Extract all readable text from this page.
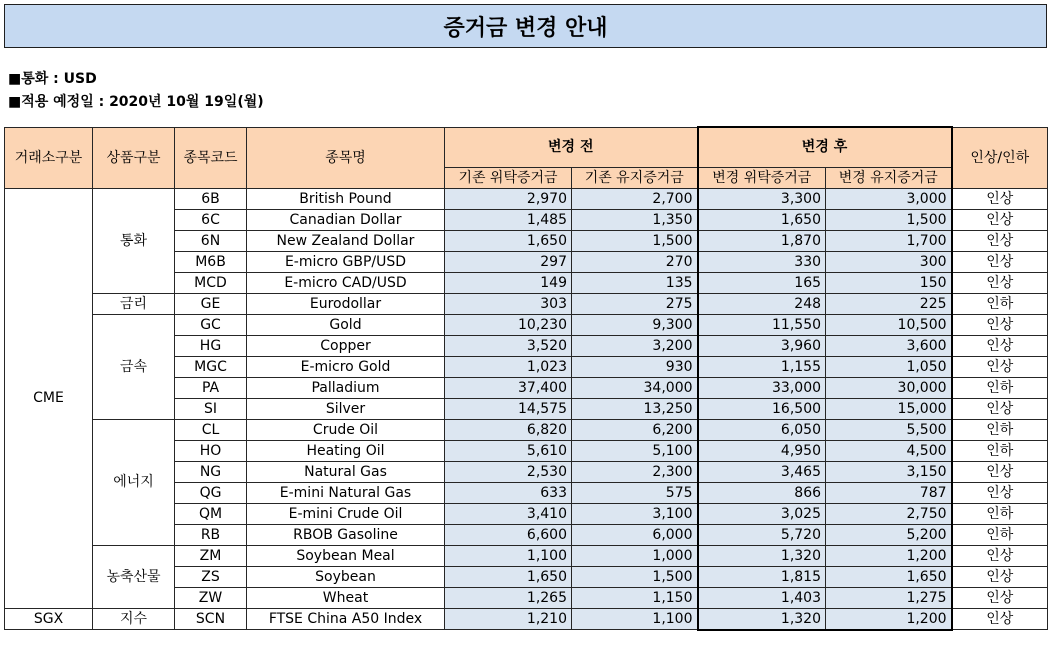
증거금 변경 안내
■통화 : USD
■적용 예정일 : 2020년 10월 19일(월)
거래소구분	상품구분	종목코드	종목명	변경 전		변경 후		인상/인하
				기존 위탁증거금	기존 유지증거금	변경 위탁증거금	변경 유지증거금	
CME	통화	6B	British Pound	2,970	2,700	3,300	3,000	인상
		6C	Canadian Dollar	1,485	1,350	1,650	1,500	인상
		6N	New Zealand Dollar	1,650	1,500	1,870	1,700	인상
		M6B	E-micro GBP/USD	297	270	330	300	인상
		MCD	E-micro CAD/USD	149	135	165	150	인상
	금리	GE	Eurodollar	303	275	248	225	인하
	금속	GC	Gold	10,230	9,300	11,550	10,500	인상
		HG	Copper	3,520	3,200	3,960	3,600	인상
		MGC	E-micro Gold	1,023	930	1,155	1,050	인상
		PA	Palladium	37,400	34,000	33,000	30,000	인하
		SI	Silver	14,575	13,250	16,500	15,000	인상
	에너지	CL	Crude Oil	6,820	6,200	6,050	5,500	인하
		HO	Heating Oil	5,610	5,100	4,950	4,500	인하
		NG	Natural Gas	2,530	2,300	3,465	3,150	인상
		QG	E-mini Natural Gas	633	575	866	787	인상
		QM	E-mini Crude Oil	3,410	3,100	3,025	2,750	인하
		RB	RBOB Gasoline	6,600	6,000	5,720	5,200	인하
	농축산물	ZM	Soybean Meal	1,100	1,000	1,320	1,200	인상
		ZS	Soybean	1,650	1,500	1,815	1,650	인상
		ZW	Wheat	1,265	1,150	1,403	1,275	인상
SGX	지수	SCN	FTSE China A50 Index	1,210	1,100	1,320	1,200	인상
